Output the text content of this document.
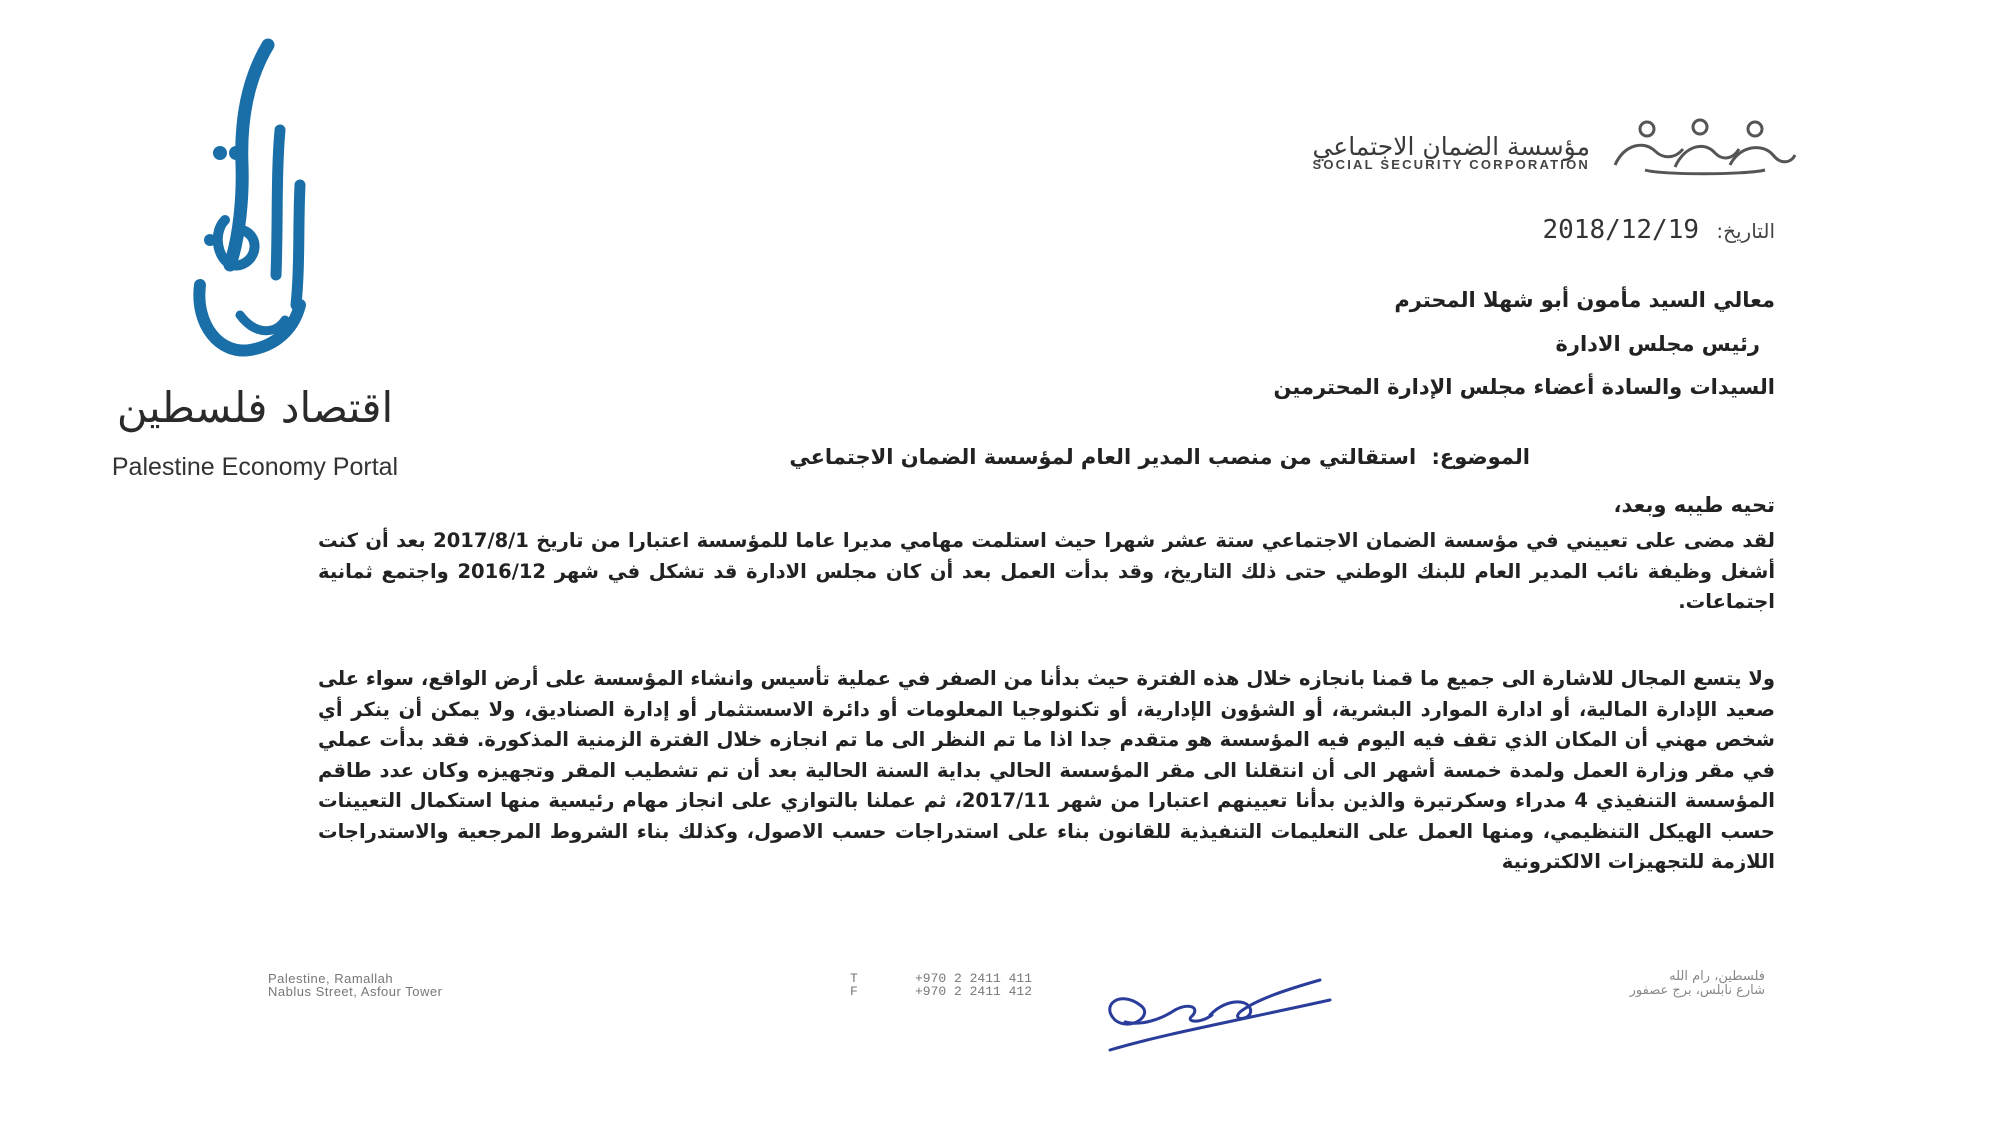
اقتصاد فلسطين
Palestine Economy Portal
مؤسسة الضمان الاجتماعي
SOCIAL SECURITY CORPORATION
التاريخ: 2018/12/19
معالي السيد مأمون أبو شهلا المحترم
رئيس مجلس الادارة
السيدات والسادة أعضاء مجلس الإدارة المحترمين
الموضوع: استقالتي من منصب المدير العام لمؤسسة الضمان الاجتماعي
تحيه طيبه وبعد،
لقد مضى على تعييني في مؤسسة الضمان الاجتماعي ستة عشر شهرا حيث استلمت مهامي مديرا عاما للمؤسسة اعتبارا من تاريخ 2017/8/1 بعد أن كنت أشغل وظيفة نائب المدير العام للبنك الوطني حتى ذلك التاريخ، وقد بدأت العمل بعد أن كان مجلس الادارة قد تشكل في شهر 2016/12 واجتمع ثمانية اجتماعات.
ولا يتسع المجال للاشارة الى جميع ما قمنا بانجازه خلال هذه الفترة حيث بدأنا من الصفر في عملية تأسيس وانشاء المؤسسة على أرض الواقع، سواء على صعيد الإدارة المالية، أو ادارة الموارد البشرية، أو الشؤون الإدارية، أو تكنولوجيا المعلومات أو دائرة الاسستثمار أو إدارة الصناديق، ولا يمكن أن ينكر أي شخص مهني أن المكان الذي تقف فيه اليوم فيه المؤسسة هو متقدم جدا اذا ما تم النظر الى ما تم انجازه خلال الفترة الزمنية المذكورة. فقد بدأت عملي في مقر وزارة العمل ولمدة خمسة أشهر الى أن انتقلنا الى مقر المؤسسة الحالي بداية السنة الحالية بعد أن تم تشطيب المقر وتجهيزه وكان عدد طاقم المؤسسة التنفيذي 4 مدراء وسكرتيرة والذين بدأنا تعيينهم اعتبارا من شهر 2017/11، ثم عملنا بالتوازي على انجاز مهام رئيسية منها استكمال التعيينات حسب الهيكل التنظيمي، ومنها العمل على التعليمات التنفيذية للقانون بناء على استدراجات حسب الاصول، وكذلك بناء الشروط المرجعية والاستدراجات اللازمة للتجهيزات الالكترونية
Palestine, Ramallah
Nablus Street, Asfour Tower
T	+970 2 2411 411
F	+970 2 2411 412
فلسطين، رام الله
شارع نابلس، برج عصفور
